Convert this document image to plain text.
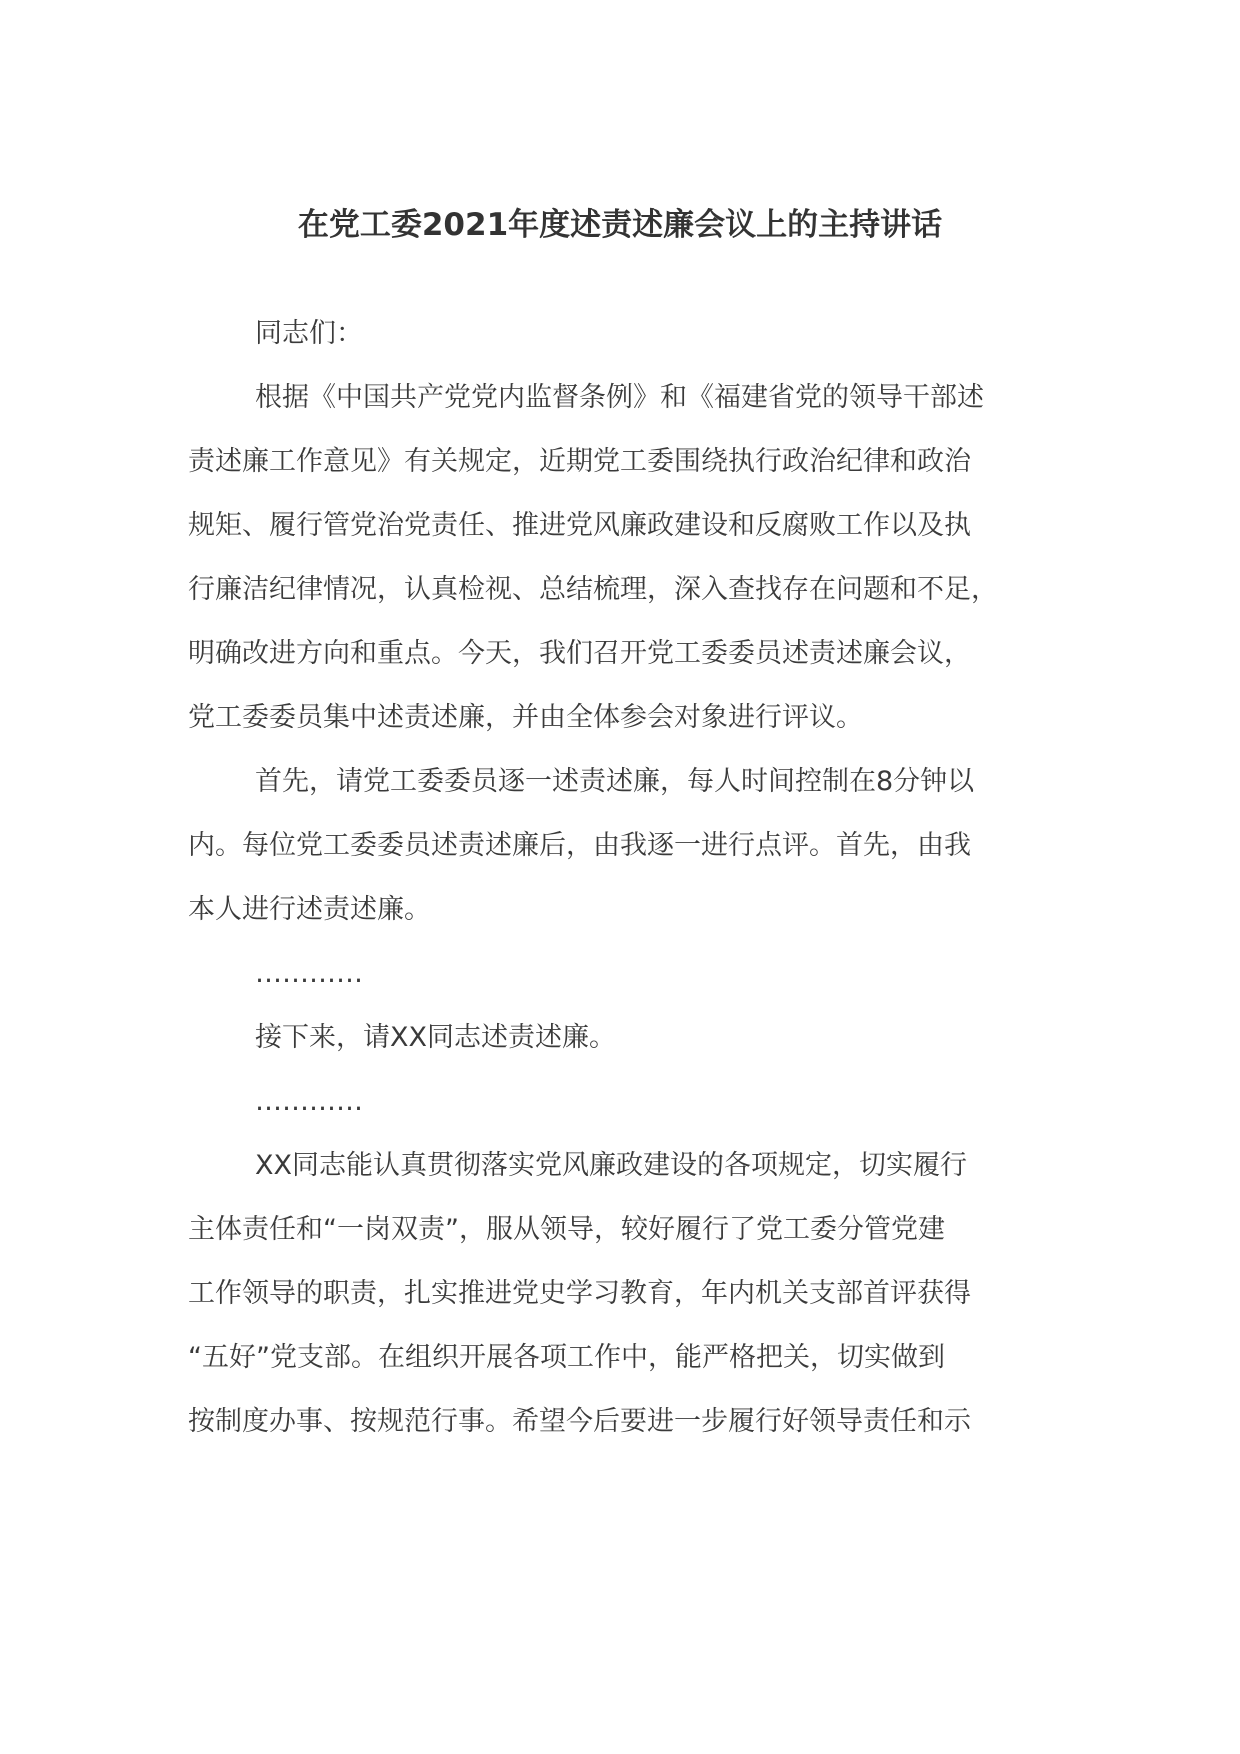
在党工委2021年度述责述廉会议上的主持讲话
同志们：
根据《中国共产党党内监督条例》和《福建省党的领导干部述
责述廉工作意见》有关规定，近期党工委围绕执行政治纪律和政治
规矩、履行管党治党责任、推进党风廉政建设和反腐败工作以及执
行廉洁纪律情况，认真检视、总结梳理，深入查找存在问题和不足，
明确改进方向和重点。今天，我们召开党工委委员述责述廉会议，
党工委委员集中述责述廉，并由全体参会对象进行评议。
首先，请党工委委员逐一述责述廉，每人时间控制在8分钟以
内。每位党工委委员述责述廉后，由我逐一进行点评。首先，由我
本人进行述责述廉。
…………
接下来，请XX同志述责述廉。
…………
XX同志能认真贯彻落实党风廉政建设的各项规定，切实履行
主体责任和“一岗双责”，服从领导，较好履行了党工委分管党建
工作领导的职责，扎实推进党史学习教育，年内机关支部首评获得
“五好”党支部。在组织开展各项工作中，能严格把关，切实做到
按制度办事、按规范行事。希望今后要进一步履行好领导责任和示
